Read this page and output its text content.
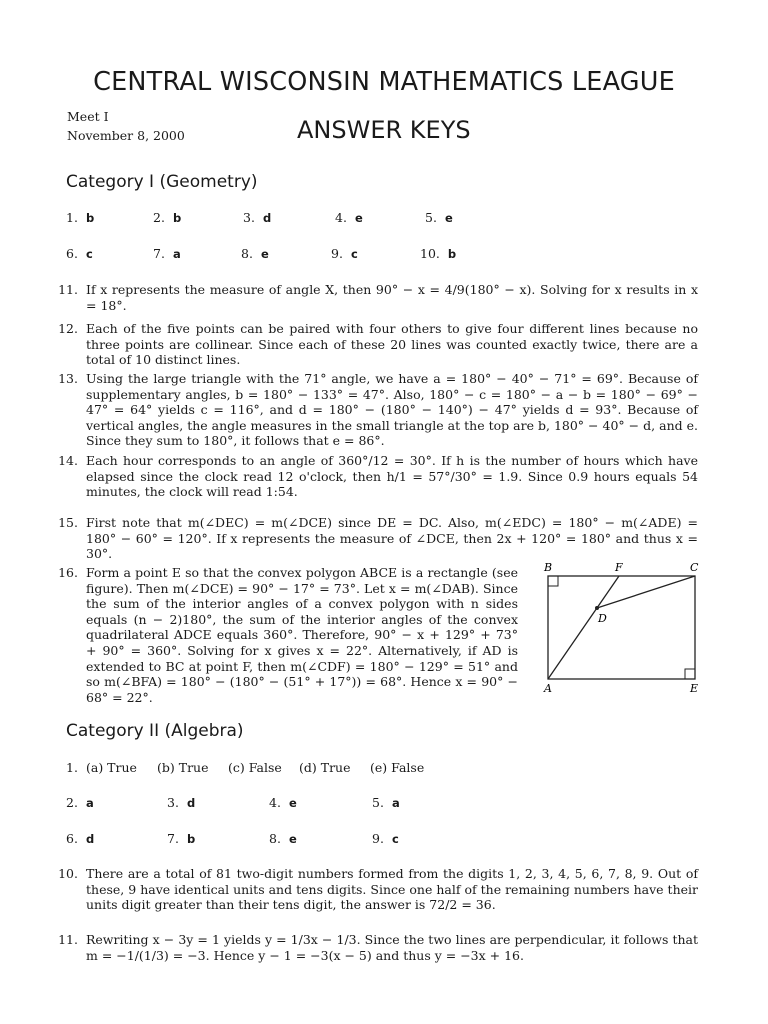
CENTRAL WISCONSIN MATHEMATICS LEAGUE
Meet I
November 8, 2000	ANSWER KEYS
Category I (Geometry)
1. b	2. b	3. d	4. e	5. e
6. c	7. a	8. e	9. c	10. b
11. If x represents the measure of angle X, then 90° − x = 4/9(180° − x). Solving for x results in x = 18°.
12. Each of the five points can be paired with four others to give four different lines because no three points are collinear. Since each of these 20 lines was counted exactly twice, there are a total of 10 distinct lines.
13. Using the large triangle with the 71° angle, we have a = 180° − 40° − 71° = 69°. Because of supplementary angles, b = 180° − 133° = 47°. Also, 180° − c = 180° − a − b = 180° − 69° − 47° = 64° yields c = 116°, and d = 180° − (180° − 140°) − 47° yields d = 93°. Because of vertical angles, the angle measures in the small triangle at the top are b, 180° − 40° − d, and e. Since they sum to 180°, it follows that e = 86°.
14. Each hour corresponds to an angle of 360°/12 = 30°. If h is the number of hours which have elapsed since the clock read 12 o'clock, then h/1 = 57°/30° = 1.9. Since 0.9 hours equals 54 minutes, the clock will read 1:54.
15. First note that m(∠DEC) = m(∠DCE) since DE = DC. Also, m(∠EDC) = 180° − m(∠ADE) = 180° − 60° = 120°. If x represents the measure of ∠DCE, then 2x + 120° = 180° and thus x = 30°.
16. Form a point E so that the convex polygon ABCE is a rectangle (see figure). Then m(∠DCE) = 90° − 17° = 73°. Let x = m(∠DAB). Since the sum of the interior angles of a convex polygon with n sides equals (n − 2)180°, the sum of the interior angles of the convex quadrilateral ADCE equals 360°. Therefore, 90° − x + 129° + 73° + 90° = 360°. Solving for x gives x = 22°. Alternatively, if AD is extended to BC at point F, then m(∠CDF) = 180° − 129° = 51° and so m(∠BFA) = 180° − (180° − (51° + 17°)) = 68°. Hence x = 90° − 68° = 22°.
B	F	C
D
A	E
Category II (Algebra)
1. (a) True (b) True (c) False (d) True (e) False
2. a	3. d	4. e	5. a
6. d	7. b	8. e	9. c
10. There are a total of 81 two-digit numbers formed from the digits 1, 2, 3, 4, 5, 6, 7, 8, 9. Out of these, 9 have identical units and tens digits. Since one half of the remaining numbers have their units digit greater than their tens digit, the answer is 72/2 = 36.
11. Rewriting x − 3y = 1 yields y = 1/3x − 1/3. Since the two lines are perpendicular, it follows that m = −1/(1/3) = −3. Hence y − 1 = −3(x − 5) and thus y = −3x + 16.
